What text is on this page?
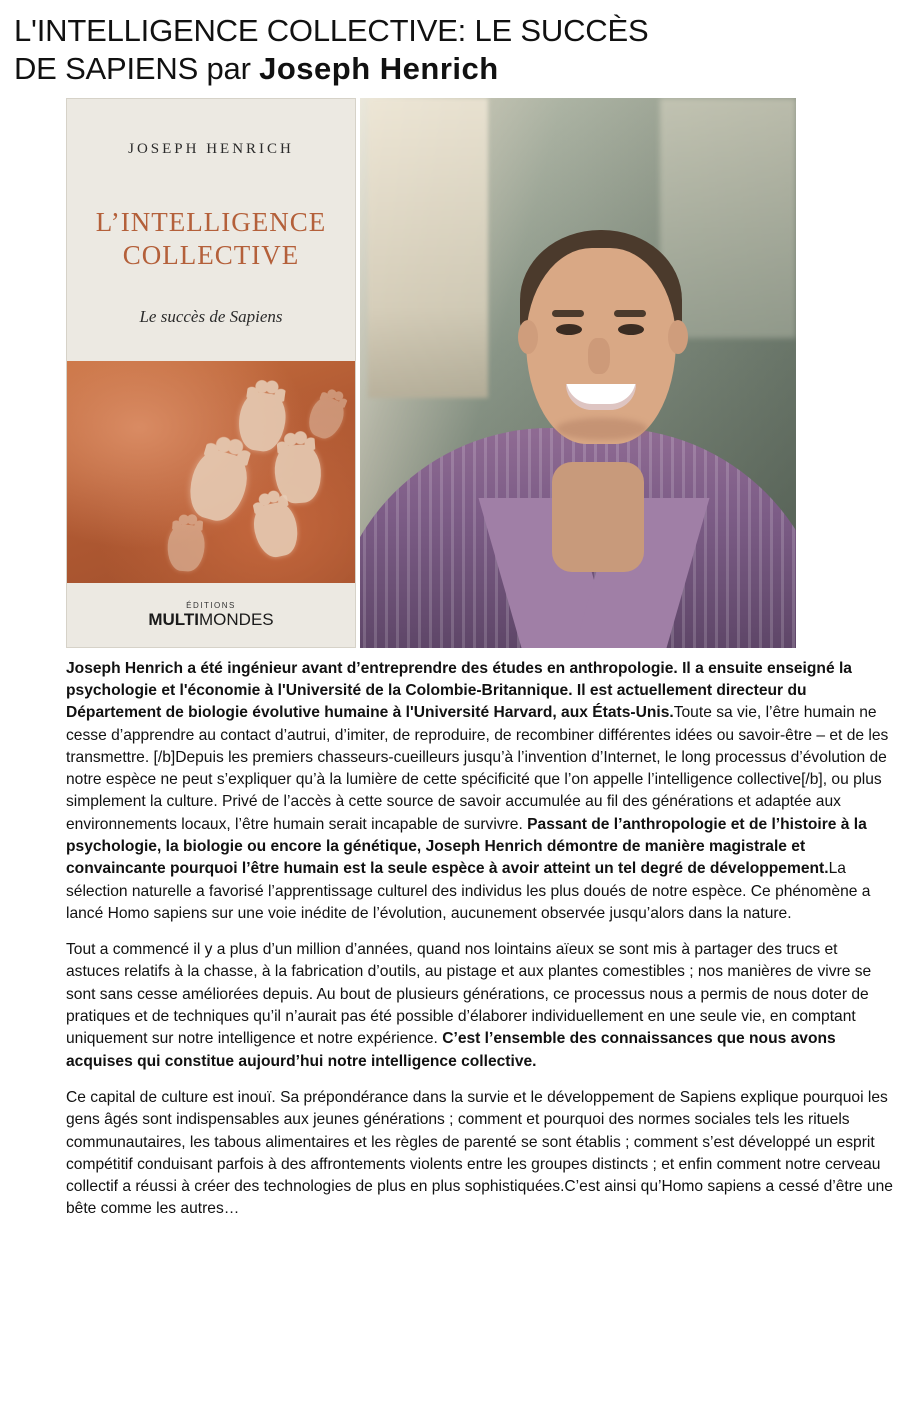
L'INTELLIGENCE COLLECTIVE: LE SUCCÈS
DE SAPIENS par Joseph Henrich
JOSEPH HENRICH
L’INTELLIGENCE
COLLECTIVE
Le succès de Sapiens
ÉDITIONS
MULTIMONDES

Joseph Henrich a été ingénieur avant d’entreprendre des études en anthropologie. Il a ensuite enseigné la psychologie et l'économie à l'Université de la Colombie-Britannique. Il est actuellement directeur du Département de biologie évolutive humaine à l'Université Harvard, aux États-Unis.Toute sa vie, l’être humain ne cesse d’apprendre au contact d’autrui, d’imiter, de reproduire, de recombiner différentes idées ou savoir-être – et de les transmettre. [/b]Depuis les premiers chasseurs-cueilleurs jusqu’à l’invention d’Internet, le long processus d’évolution de notre espèce ne peut s’expliquer qu’à la lumière de cette spécificité que l’on appelle l’intelligence collective[/b], ou plus simplement la culture. Privé de l’accès à cette source de savoir accumulée au fil des générations et adaptée aux environnements locaux, l’être humain serait incapable de survivre. Passant de l’anthropologie et de l’histoire à la psychologie, la biologie ou encore la génétique, Joseph Henrich démontre de manière magistrale et convaincante pourquoi l’être humain est la seule espèce à avoir atteint un tel degré de développement.La sélection naturelle a favorisé l’apprentissage culturel des individus les plus doués de notre espèce. Ce phénomène a lancé Homo sapiens sur une voie inédite de l’évolution, aucunement observée jusqu’alors dans la nature.

Tout a commencé il y a plus d’un million d’années, quand nos lointains aïeux se sont mis à partager des trucs et astuces relatifs à la chasse, à la fabrication d’outils, au pistage et aux plantes comestibles ; nos manières de vivre se sont sans cesse améliorées depuis. Au bout de plusieurs générations, ce processus nous a permis de nous doter de pratiques et de techniques qu’il n’aurait pas été possible d’élaborer individuellement en une seule vie, en comptant uniquement sur notre intelligence et notre expérience. C’est l’ensemble des connaissances que nous avons acquises qui constitue aujourd’hui notre intelligence collective.

Ce capital de culture est inouï. Sa prépondérance dans la survie et le développement de Sapiens explique pourquoi les gens âgés sont indispensables aux jeunes générations ; comment et pourquoi des normes sociales tels les rituels communautaires, les tabous alimentaires et les règles de parenté se sont établis ; comment s’est développé un esprit compétitif conduisant parfois à des affrontements violents entre les groupes distincts ; et enfin comment notre cerveau collectif a réussi à créer des technologies de plus en plus sophistiquées.C’est ainsi qu’Homo sapiens a cessé d’être une bête comme les autres…
